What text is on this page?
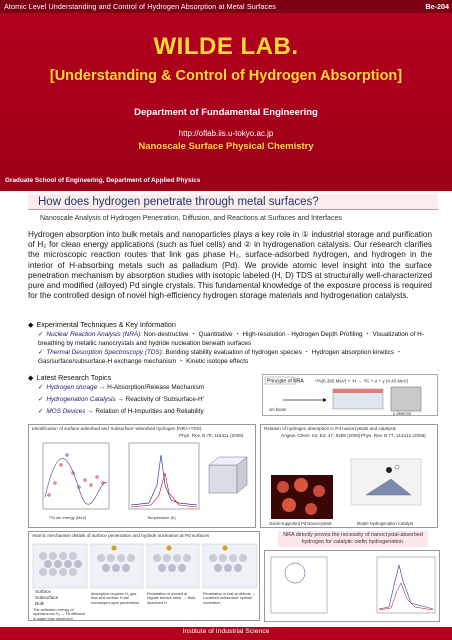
Atomic Level Understanding and Control of Hydrogen Absorption at Metal Surfaces	Be-204
WILDE LAB.
[Understanding & Control of Hydrogen Absorption]
Department of Fundamental Engineering
http://oflab.iis.u-tokyo.ac.jp
Nanoscale Surface Physical Chemistry
Graduate School of Engineering, Department of Applied Physics
How does hydrogen penetrate through metal surfaces?
Nanoscale Analysis of Hydrogen Penetration, Diffusion, and Reactions at Surfaces and Interfaces
Hydrogen absorption into bulk metals and nanoparticles plays a key role in ① industrial storage and purification of H₂ for clean energy applications (such as fuel cells) and ② in hydrogenation catalysis. Our research clarifies the microscopic reaction routes that link gas phase H₂, surface-adsorbed hydrogen, and hydrogen in the interior of H-absorbing metals such as palladium (Pd). We provide atomic level insight into the surface penetration mechanism by absorption studies with isotopic labeled (H, D) TDS at structurally well-characterized pure and modified (alloyed) Pd single crystals. This fundamental knowledge of the exposure process is required for the controlled design of novel high-efficiency hydrogen storage materials and hydrogenation catalysts.
◆ Experimental Techniques & Key Information
✓ Nuclear Reaction Analysis (NRA): Non-destructive ・ Quantitative ・ High-resolution - Hydrogen Depth Profiling ・ Visualization of H-breathing by metallic nanocrystals and hydride nucleation beneath surfaces
✓ Thermal Desorption Spectroscopy (TDS): Bonding stability evaluation of hydrogen species ・ Hydrogen absorption kinetics ・ Gas/surface/subsurface-H exchange mechanism ・ Kinetic isotope effects
◆ Latest Research Topics
✓ Hydrogen storage → H-Absorption/Release Mechanism
✓ Hydrogenation Catalysis → Reactivity of ‘Subsurface-H’
✓ MOS Devices → Relation of H-Impurities and Reliability
Principle of NRA	¹⁵N(6.385 MeV) + ¹H → ¹²C + α + γ (4.43 MeV)
ion beam
γ detector
Identification of surface-adsorbed and 'subsurface'-absorbed hydrogen (NRA+TDS)
Phys. Rev. B 78, 115411 (2008)
¹⁵N ion energy [MeV]	Temperature [K]
Relation of hydrogen absorption in Pd-nanocrystals and catalysis
Angew. Chem. Int. Ed. 47, 9289 (2008) Phys. Rev. B 77, 113412 (2008)
Oxide-supported Pd Nanocrystals	Model Hydrogenation Catalyst
NRA directly proves the necessity of nanocrystal-absorbed hydrogen for catalytic olefin hydrogenation.
Atomic mechanism details of surface penetration and hydride nucleation at Pd surfaces
Surface
Subsurface
Bulk
The activation energy of spontaneous Hₛ → Hₕ diffusion is larger than observed!
Absorption requires H₂ gas flow and surface H are exchanged upon penetration.
Penetration is slowed at regular terrace sites! → Bulk-dissolved H
Penetration is fast at defects → Localized subsurface hydride nucleation.
Institute of Industrial Science
